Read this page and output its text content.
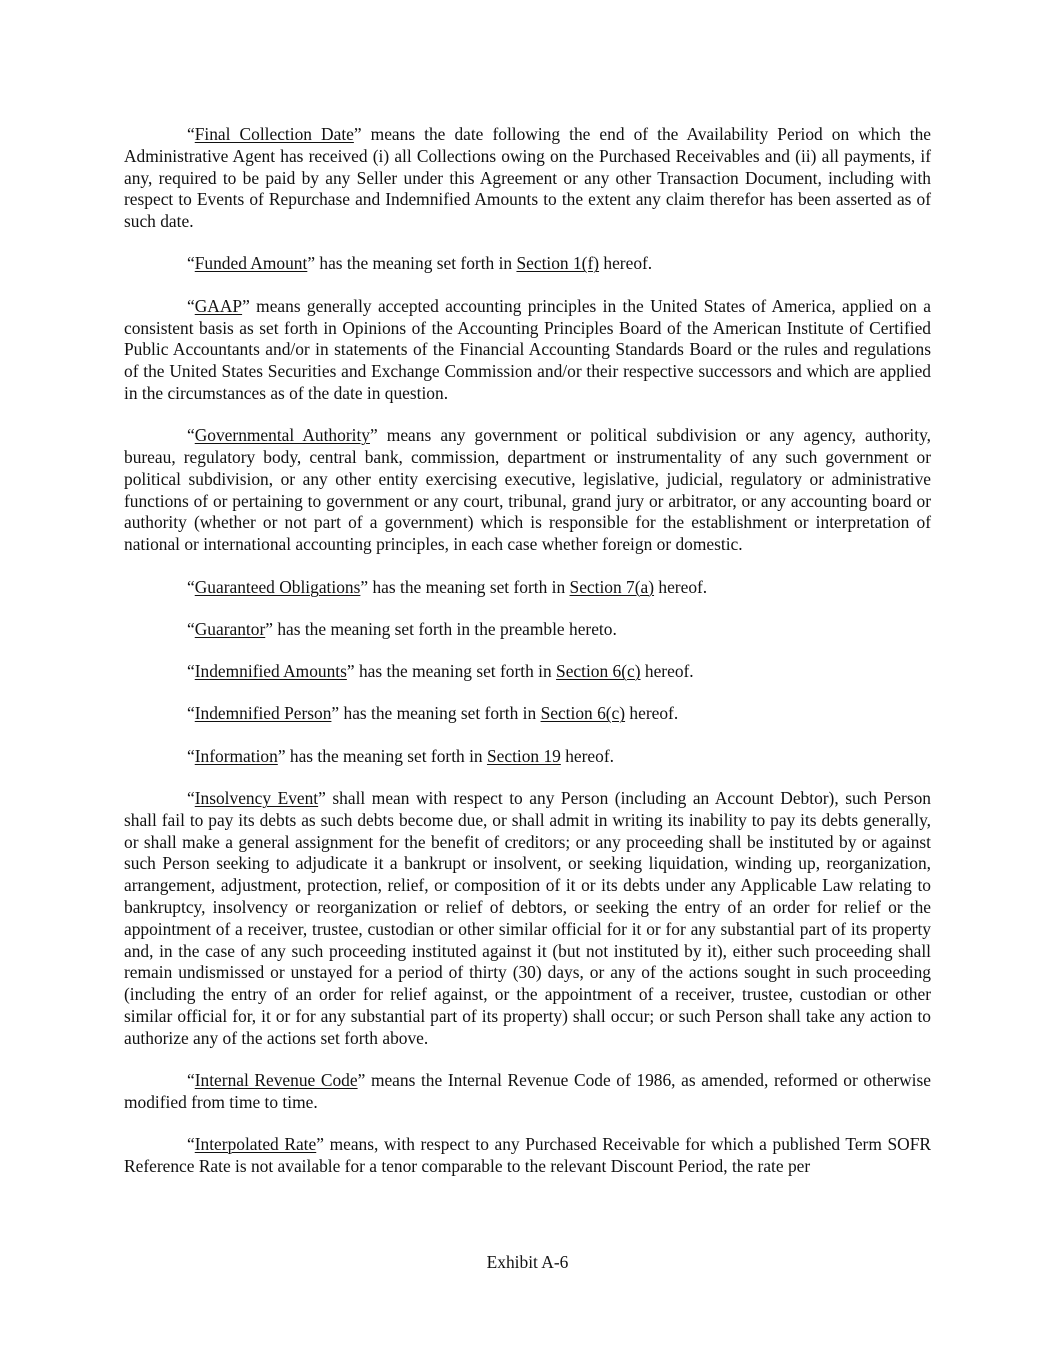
“Final Collection Date” means the date following the end of the Availability Period on which the Administrative Agent has received (i) all Collections owing on the Purchased Receivables and (ii) all payments, if any, required to be paid by any Seller under this Agreement or any other Transaction Document, including with respect to Events of Repurchase and Indemnified Amounts to the extent any claim therefor has been asserted as of such date.

“Funded Amount” has the meaning set forth in Section 1(f) hereof.

“GAAP” means generally accepted accounting principles in the United States of America, applied on a consistent basis as set forth in Opinions of the Accounting Principles Board of the American Institute of Certified Public Accountants and/or in statements of the Financial Accounting Standards Board or the rules and regulations of the United States Securities and Exchange Commission and/or their respective successors and which are applied in the circumstances as of the date in question.

“Governmental Authority” means any government or political subdivision or any agency, authority, bureau, regulatory body, central bank, commission, department or instrumentality of any such government or political subdivision, or any other entity exercising executive, legislative, judicial, regulatory or administrative functions of or pertaining to government or any court, tribunal, grand jury or arbitrator, or any accounting board or authority (whether or not part of a government) which is responsible for the establishment or interpretation of national or international accounting principles, in each case whether foreign or domestic.

“Guaranteed Obligations” has the meaning set forth in Section 7(a) hereof.

“Guarantor” has the meaning set forth in the preamble hereto.

“Indemnified Amounts” has the meaning set forth in Section 6(c) hereof.

“Indemnified Person” has the meaning set forth in Section 6(c) hereof.

“Information” has the meaning set forth in Section 19 hereof.

“Insolvency Event” shall mean with respect to any Person (including an Account Debtor), such Person shall fail to pay its debts as such debts become due, or shall admit in writing its inability to pay its debts generally, or shall make a general assignment for the benefit of creditors; or any proceeding shall be instituted by or against such Person seeking to adjudicate it a bankrupt or insolvent, or seeking liquidation, winding up, reorganization, arrangement, adjustment, protection, relief, or composition of it or its debts under any Applicable Law relating to bankruptcy, insolvency or reorganization or relief of debtors, or seeking the entry of an order for relief or the appointment of a receiver, trustee, custodian or other similar official for it or for any substantial part of its property and, in the case of any such proceeding instituted against it (but not instituted by it), either such proceeding shall remain undismissed or unstayed for a period of thirty (30) days, or any of the actions sought in such proceeding (including the entry of an order for relief against, or the appointment of a receiver, trustee, custodian or other similar official for, it or for any substantial part of its property) shall occur; or such Person shall take any action to authorize any of the actions set forth above.

“Internal Revenue Code” means the Internal Revenue Code of 1986, as amended, reformed or otherwise modified from time to time.

“Interpolated Rate” means, with respect to any Purchased Receivable for which a published Term SOFR Reference Rate is not available for a tenor comparable to the relevant Discount Period, the rate per

Exhibit A-6
